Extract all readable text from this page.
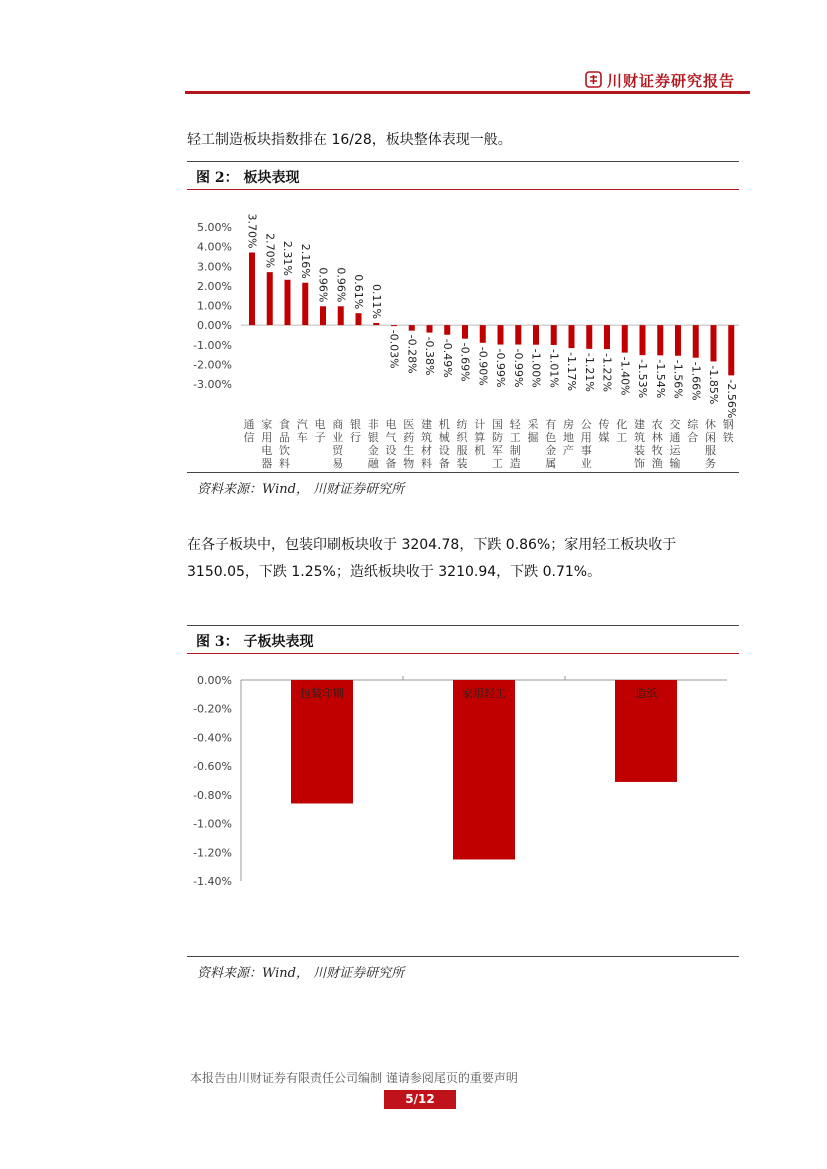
川财证券研究报告
轻工制造板块指数排在 16/28，板块整体表现一般。
图 2： 板块表现
5.00%
4.00%
3.00%
2.00%
1.00%
0.00%
-1.00%
-2.00%
-3.00%
3.70%
通信
2.70%
家用电器
2.31%
食品饮料
2.16%
汽车
0.96%
电子
0.96%
商业贸易
0.61%
银行
0.11%
非银金融
-0.03%
电气设备
-0.28%
医药生物
-0.38%
建筑材料
-0.49%
机械设备
-0.69%
纺织服装
-0.90%
计算机
-0.99%
国防军工
-0.99%
轻工制造
-1.00%
采掘
-1.01%
有色金属
-1.17%
房地产
-1.21%
公用事业
-1.22%
传媒
-1.40%
化工
-1.53%
建筑装饰
-1.54%
农林牧渔
-1.56%
交通运输
-1.66%
综合
-1.85%
休闲服务
-2.56%
钢铁
资料来源：Wind， 川财证券研究所
在各子板块中，包装印刷板块收于 3204.78，下跌 0.86%；家用轻工板块收于
3150.05，下跌 1.25%；造纸板块收于 3210.94，下跌 0.71%。
图 3： 子板块表现
0.00%
-0.20%
-0.40%
-0.60%
-0.80%
-1.00%
-1.20%
-1.40%
包装印刷	家用轻工	造纸
资料来源：Wind， 川财证券研究所
本报告由川财证券有限责任公司编制 谨请参阅尾页的重要声明
5/12
